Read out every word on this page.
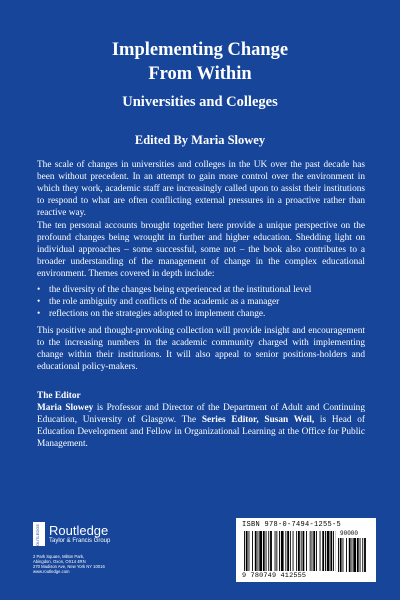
Implementing Change
From Within
Universities and Colleges
Edited By Maria Slowey

The scale of changes in universities and colleges in the UK over the past decade has been without precedent. In an attempt to gain more control over the environment in which they work, academic staff are increasingly called upon to assist their institutions to respond to what are often conflicting external pressures in a proactive rather than reactive way.

The ten personal accounts brought together here provide a unique perspective on the profound changes being wrought in further and higher education. Shedding light on individual approaches – some successful, some not – the book also contributes to a broader understanding of the management of change in the complex educational environment. Themes covered in depth include:

• the diversity of the changes being experienced at the institutional level
• the role ambiguity and conflicts of the academic as a manager
• reflections on the strategies adopted to implement change.

This positive and thought-provoking collection will provide insight and encouragement to the increasing numbers in the academic community charged with implementing change within their institutions. It will also appeal to senior positions-holders and educational policy-makers.

The Editor
Maria Slowey is Professor and Director of the Department of Adult and Continuing Education, University of Glasgow. The Series Editor, Susan Weil, is Head of Education Development and Fellow in Organizational Learning at the Office for Public Management.

ROUTLEDGE Routledge
Taylor & Francis Group
2 Park Square, Milton Park,
Abingdon, Oxon, OX14 4RN
270 Madison Ave, New York NY 10016
www.routledge.com
ISBN 978-0-7494-1255-5
90000
9 780749 412555
